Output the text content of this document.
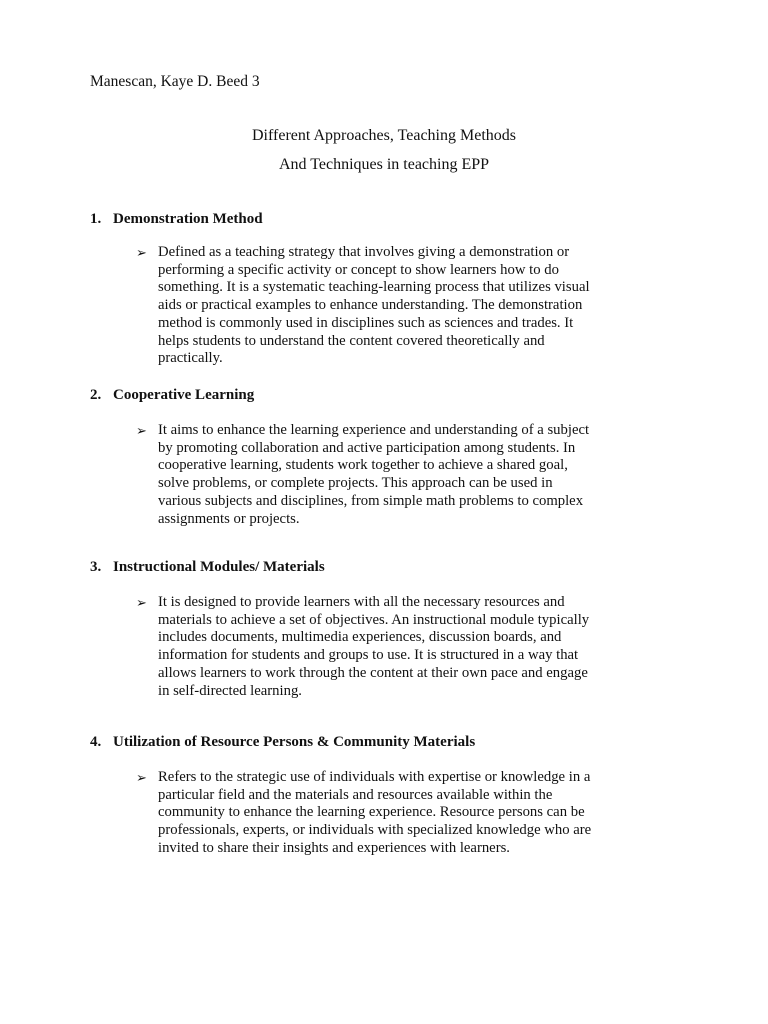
Manescan, Kaye D. Beed 3
Different Approaches, Teaching Methods
And Techniques in teaching EPP
1. Demonstration Method
➢ Defined as a teaching strategy that involves giving a demonstration or
performing a specific activity or concept to show learners how to do
something. It is a systematic teaching-learning process that utilizes visual
aids or practical examples to enhance understanding. The demonstration
method is commonly used in disciplines such as sciences and trades. It
helps students to understand the content covered theoretically and
practically.
2. Cooperative Learning
➢ It aims to enhance the learning experience and understanding of a subject
by promoting collaboration and active participation among students. In
cooperative learning, students work together to achieve a shared goal,
solve problems, or complete projects. This approach can be used in
various subjects and disciplines, from simple math problems to complex
assignments or projects.
3. Instructional Modules/ Materials
➢ It is designed to provide learners with all the necessary resources and
materials to achieve a set of objectives. An instructional module typically
includes documents, multimedia experiences, discussion boards, and
information for students and groups to use. It is structured in a way that
allows learners to work through the content at their own pace and engage
in self-directed learning.
4. Utilization of Resource Persons & Community Materials
➢ Refers to the strategic use of individuals with expertise or knowledge in a
particular field and the materials and resources available within the
community to enhance the learning experience. Resource persons can be
professionals, experts, or individuals with specialized knowledge who are
invited to share their insights and experiences with learners.
